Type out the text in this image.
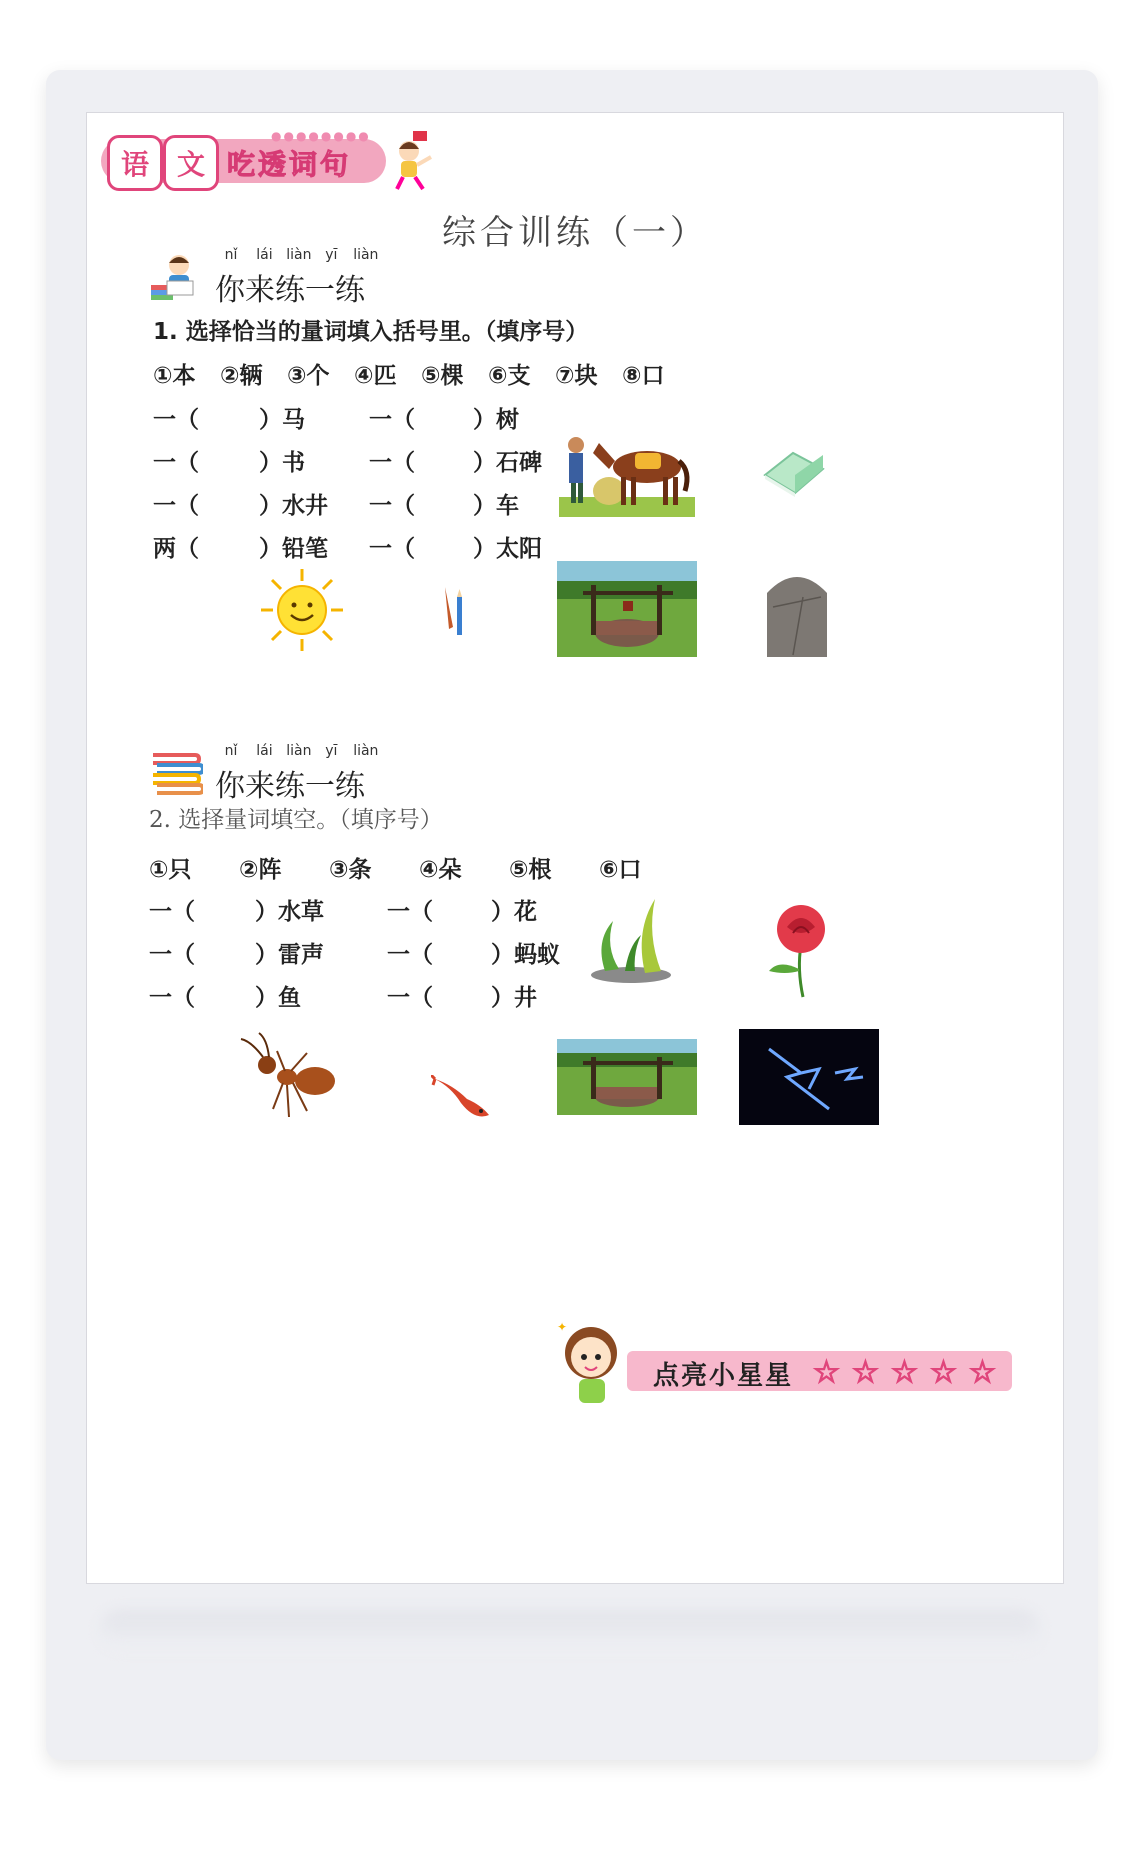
语 文 吃透词句
●●●●●●●●
综合训练（一）
nǐ lái liàn yī liàn
你来练一练
1. 选择恰当的量词填入括号里。（填序号）
①本 ②辆 ③个 ④匹 ⑤棵 ⑥支 ⑦块 ⑧口
一（	）马	一（	）树
一（	）书	一（	）石碑
一（	）水井 一（	）车
两（	）铅笔 一（	）太阳
nǐ lái liàn yī liàn
你来练一练
2. 选择量词填空。（填序号）
①只 ②阵 ③条 ④朵 ⑤根 ⑥口
一（	）水草	一（	）花
一（	）雷声	一（	）蚂蚁
一（	）鱼	一（	）井
✦
点亮小星星 ☆ ☆ ☆ ☆ ☆
